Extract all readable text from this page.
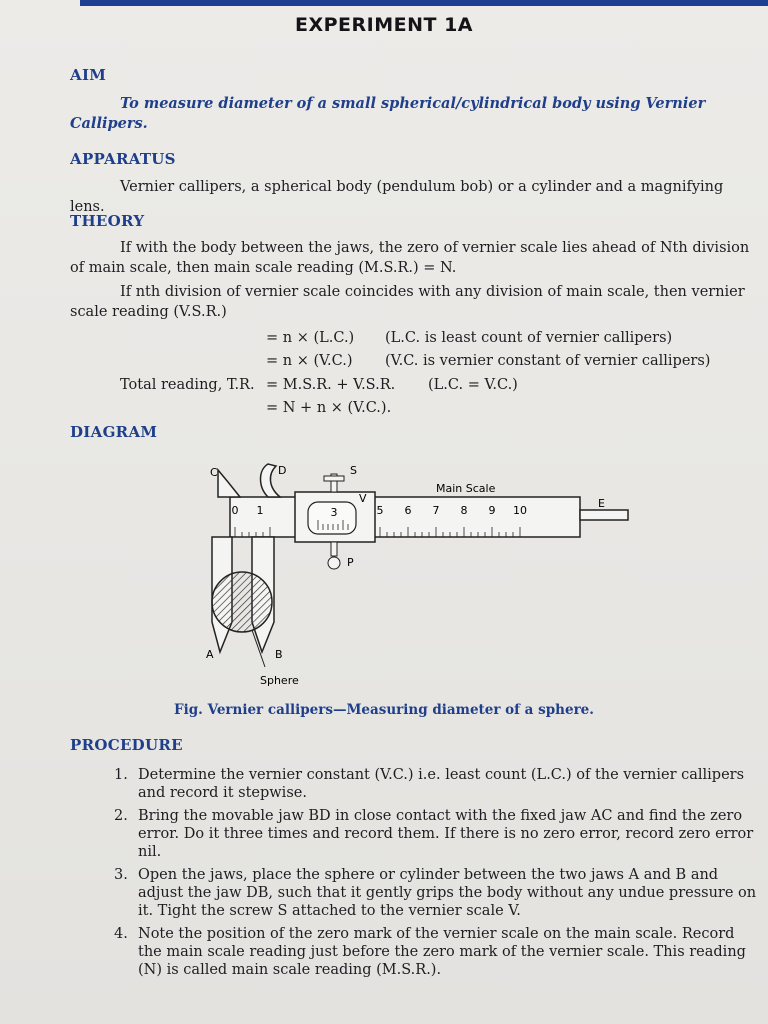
EXPERIMENT 1A
AIM
To measure diameter of a small spherical/cylindrical body using Vernier Callipers.
APPARATUS
Vernier callipers, a spherical body (pendulum bob) or a cylinder and a magnifying lens.
THEORY
If with the body between the jaws, the zero of vernier scale lies ahead of Nth division of main scale, then main scale reading (M.S.R.) = N.
If nth division of vernier scale coincides with any division of main scale, then vernier scale reading (V.S.R.)
= n × (L.C.) (L.C. is least count of vernier callipers)
= n × (V.C.) (V.C. is vernier constant of vernier callipers)
Total reading, T.R. = M.S.R. + V.S.R. (L.C. = V.C.)
= N + n × (V.C.).
DIAGRAM
0 1	3	5 6 7 8 9 10
C	D	S
V
P
E
A	B
Sphere
Main Scale
Fig. Vernier callipers—Measuring diameter of a sphere.
PROCEDURE
1. Determine the vernier constant (V.C.) i.e. least count (L.C.) of the vernier callipers and record it stepwise.
2. Bring the movable jaw BD in close contact with the fixed jaw AC and find the zero error. Do it three times and record them. If there is no zero error, record zero error nil.
3. Open the jaws, place the sphere or cylinder between the two jaws A and B and adjust the jaw DB, such that it gently grips the body without any undue pressure on it. Tight the screw S attached to the vernier scale V.
4. Note the position of the zero mark of the vernier scale on the main scale. Record the main scale reading just before the zero mark of the vernier scale. This reading (N) is called main scale reading (M.S.R.).
